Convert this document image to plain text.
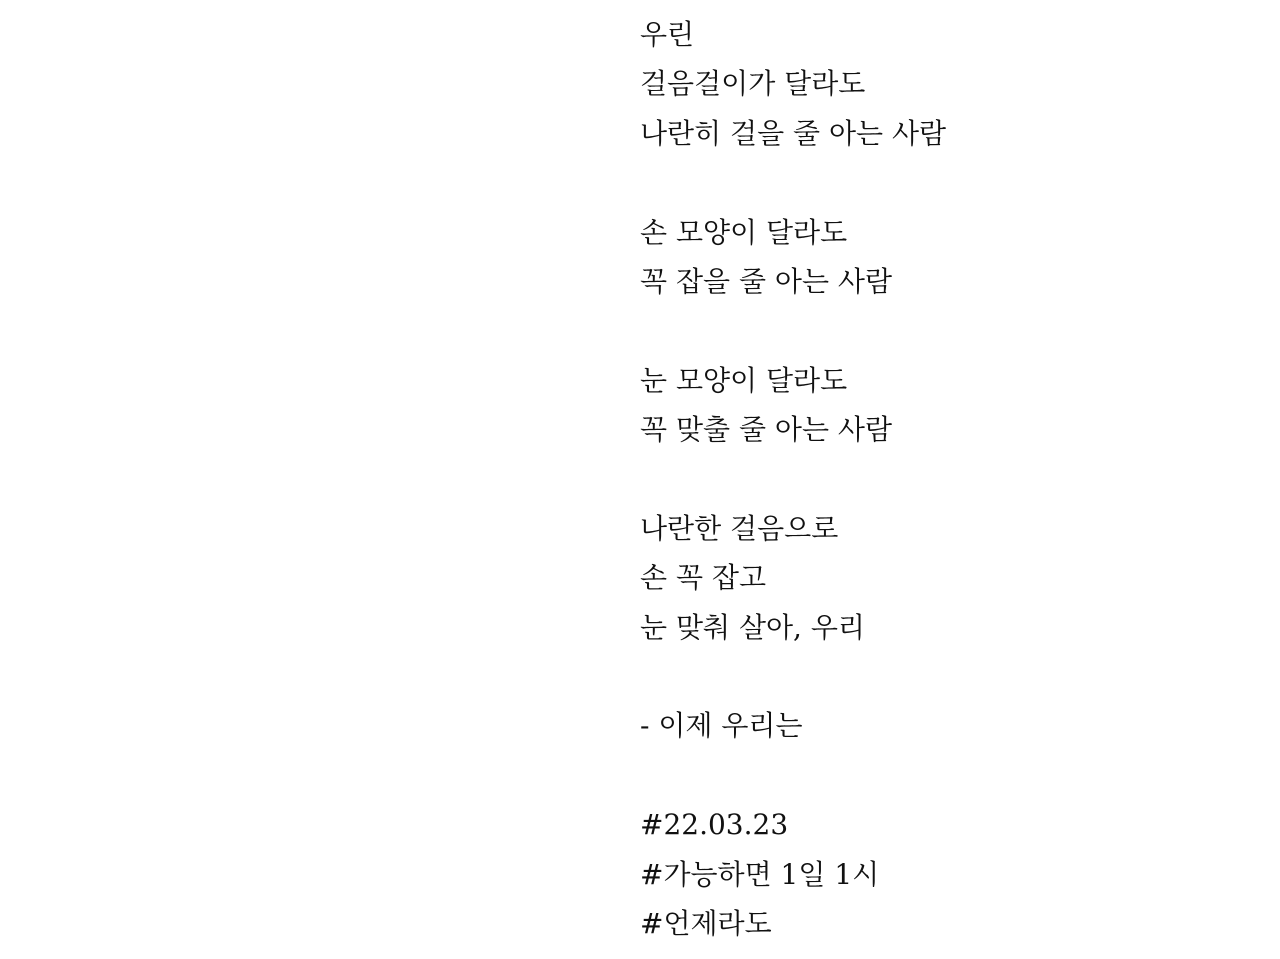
우린
걸음걸이가 달라도
나란히 걸을 줄 아는 사람
손 모양이 달라도
꼭 잡을 줄 아는 사람
눈 모양이 달라도
꼭 맞출 줄 아는 사람
나란한 걸음으로
손 꼭 잡고
눈 맞춰 살아, 우리
- 이제 우리는
#22.03.23
#가능하면 1일 1시
#언제라도
